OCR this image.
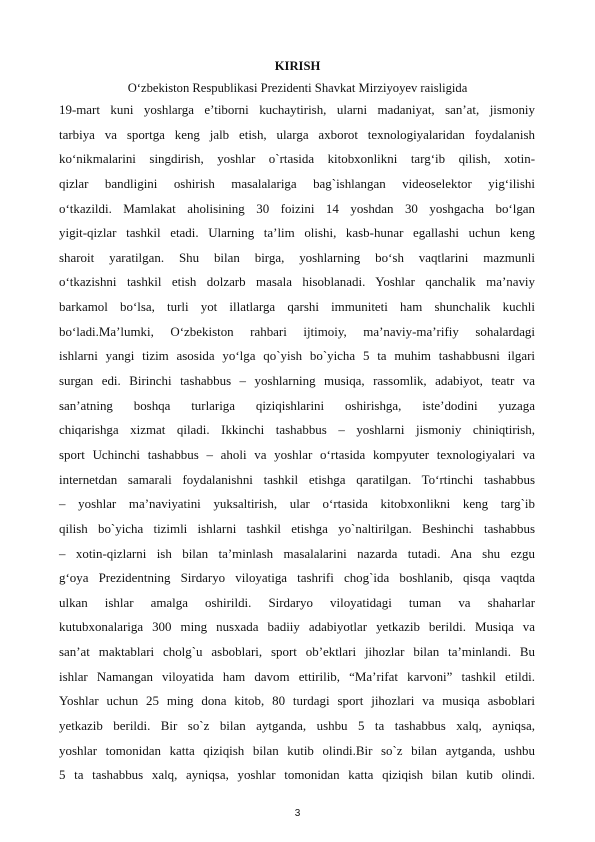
KIRISH

O‘zbekiston Respublikasi Prezidenti Shavkat Mirziyoyev raisligida

19-mart kuni yoshlarga e’tiborni kuchaytirish, ularni madaniyat, san’at, jismoniy
tarbiya va sportga keng jalb etish, ularga axborot texnologiyalaridan foydalanish
ko‘nikmalarini singdirish, yoshlar o`rtasida kitobxonlikni targ‘ib qilish, xotin-
qizlar bandligini oshirish masalalariga bag`ishlangan videoselektor yig‘ilishi
o‘tkazildi. Mamlakat aholisining 30 foizini 14 yoshdan 30 yoshgacha bo‘lgan
yigit-qizlar tashkil etadi. Ularning ta’lim olishi, kasb-hunar egallashi uchun keng
sharoit yaratilgan. Shu bilan birga, yoshlarning bo‘sh vaqtlarini mazmunli
o‘tkazishni tashkil etish dolzarb masala hisoblanadi. Yoshlar qanchalik ma’naviy
barkamol bo‘lsa, turli yot illatlarga qarshi immuniteti ham shunchalik kuchli
bo‘ladi.Ma’lumki, O‘zbekiston rahbari ijtimoiy, ma’naviy-ma’rifiy sohalardagi
ishlarni yangi tizim asosida yo‘lga qo`yish bo`yicha 5 ta muhim tashabbusni ilgari
surgan edi. Birinchi tashabbus – yoshlarning musiqa, rassomlik, adabiyot, teatr va
san’atning boshqa turlariga qiziqishlarini oshirishga, iste’dodini yuzaga
chiqarishga xizmat qiladi. Ikkinchi tashabbus – yoshlarni jismoniy chiniqtirish,
sport Uchinchi tashabbus – aholi va yoshlar o‘rtasida kompyuter texnologiyalari va
internetdan samarali foydalanishni tashkil etishga qaratilgan. To‘rtinchi tashabbus
– yoshlar ma’naviyatini yuksaltirish, ular o‘rtasida kitobxonlikni keng targ`ib
qilish bo`yicha tizimli ishlarni tashkil etishga yo`naltirilgan. Beshinchi tashabbus
– xotin-qizlarni ish bilan ta’minlash masalalarini nazarda tutadi. Ana shu ezgu
g‘oya Prezidentning Sirdaryo viloyatiga tashrifi chog`ida boshlanib, qisqa vaqtda
ulkan ishlar amalga oshirildi. Sirdaryo viloyatidagi tuman va shaharlar
kutubxonalariga 300 ming nusxada badiiy adabiyotlar yetkazib berildi. Musiqa va
san’at maktablari cholg`u asboblari, sport ob’ektlari jihozlar bilan ta’minlandi. Bu
ishlar Namangan viloyatida ham davom ettirilib, “Ma’rifat karvoni” tashkil etildi.
Yoshlar uchun 25 ming dona kitob, 80 turdagi sport jihozlari va musiqa asboblari
yetkazib berildi. Bir so`z bilan aytganda, ushbu 5 ta tashabbus xalq, ayniqsa,
yoshlar tomonidan katta qiziqish bilan kutib olindi.Bir so`z bilan aytganda, ushbu
5 ta tashabbus xalq, ayniqsa, yoshlar tomonidan katta qiziqish bilan kutib olindi.
3
